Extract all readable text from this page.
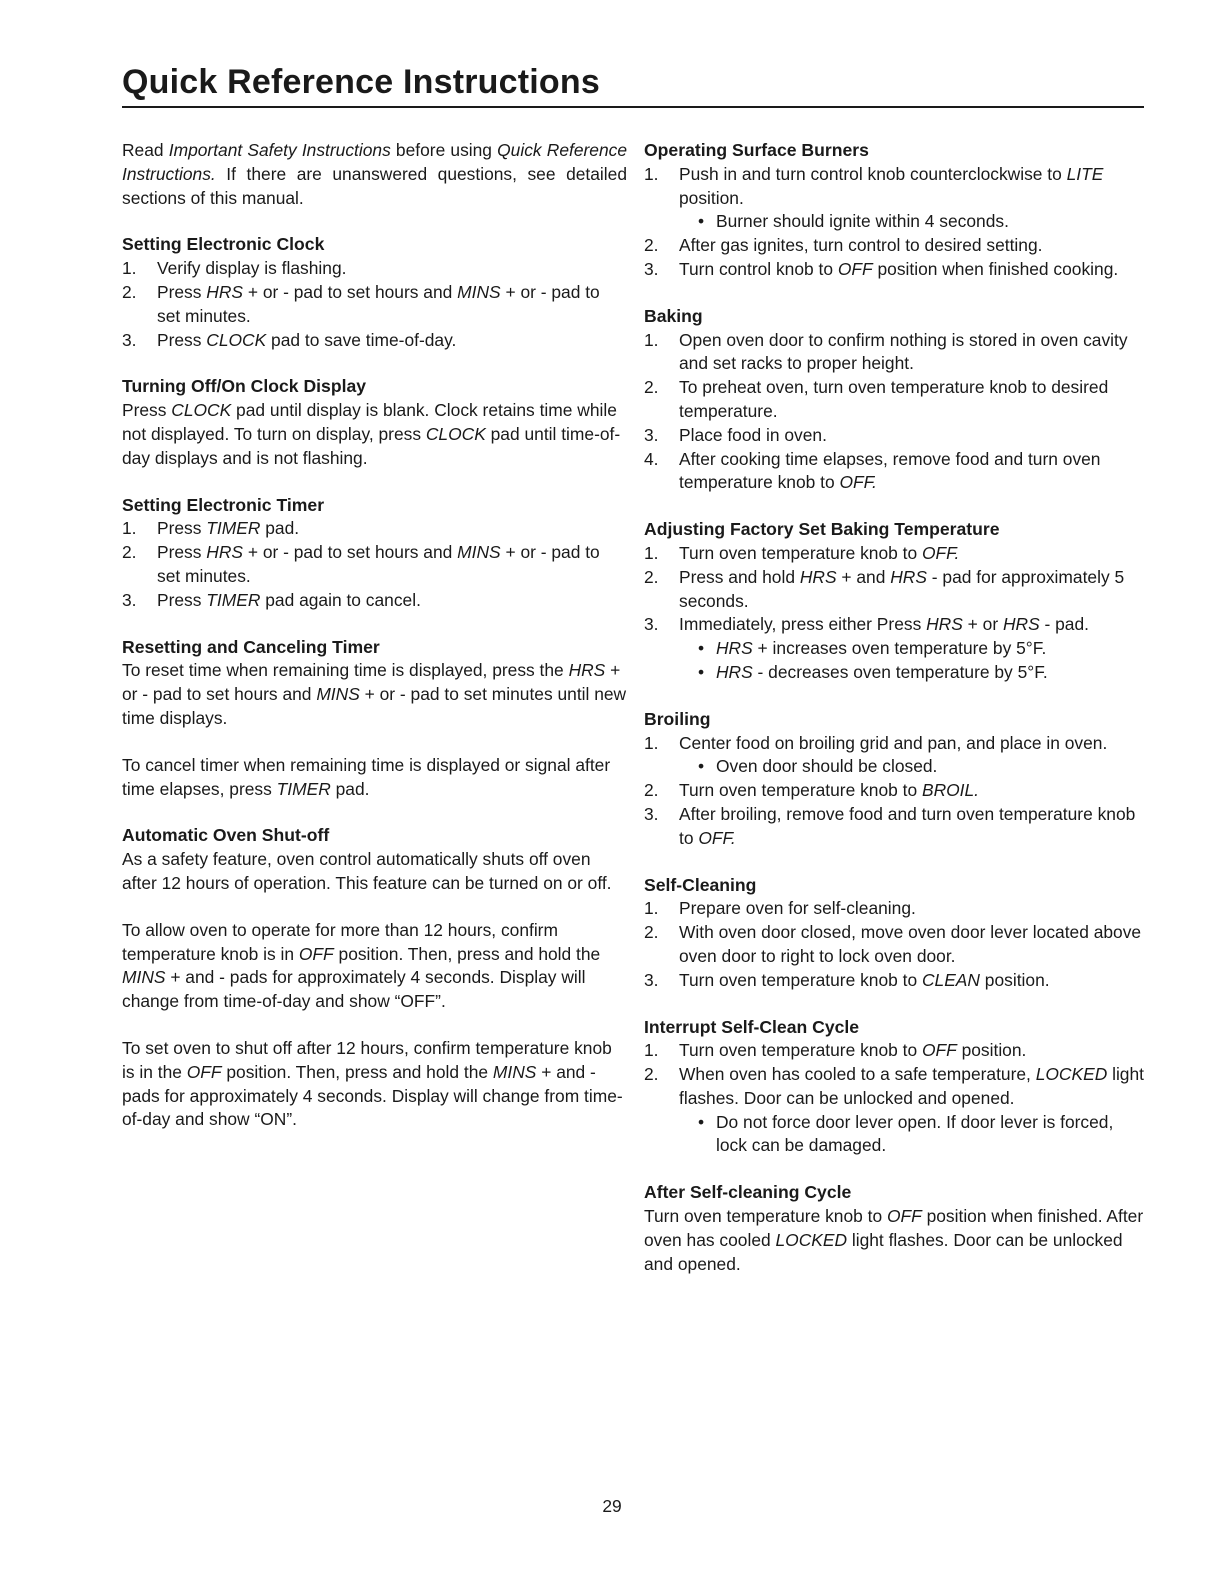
Quick Reference Instructions

Read Important Safety Instructions before using Quick Reference Instructions. If there are unanswered questions, see detailed sections of this manual.

Setting Electronic Clock
1.	Verify display is flashing.
2.	Press HRS + or - pad to set hours and MINS + or - pad to set minutes.
3.	Press CLOCK pad to save time-of-day.
Turning Off/On Clock Display

Press CLOCK pad until display is blank. Clock retains time while not displayed. To turn on display, press CLOCK pad until time-of-day displays and is not flashing.

Setting Electronic Timer
1.	Press TIMER pad.
2.	Press HRS + or - pad to set hours and MINS + or - pad to set minutes.
3.	Press TIMER pad again to cancel.
Resetting and Canceling Timer

To reset time when remaining time is displayed, press the HRS + or - pad to set hours and MINS + or - pad to set minutes until new time displays.

To cancel timer when remaining time is displayed or signal after time elapses, press TIMER pad.

Automatic Oven Shut-off

As a safety feature, oven control automatically shuts off oven after 12 hours of operation. This feature can be turned on or off.

To allow oven to operate for more than 12 hours, confirm temperature knob is in OFF position. Then, press and hold the MINS + and - pads for approximately 4 seconds. Display will change from time-of-day and show “OFF”.

To set oven to shut off after 12 hours, confirm temperature knob is in the OFF position. Then, press and hold the MINS + and - pads for approximately 4 seconds. Display will change from time-of-day and show “ON”.

Operating Surface Burners
1.	Push in and turn control knob counterclockwise to LITE position.
• Burner should ignite within 4 seconds.
2.	After gas ignites, turn control to desired setting.
3.	Turn control knob to OFF position when finished cooking.
Baking
1.	Open oven door to confirm nothing is stored in oven cavity and set racks to proper height.
2.	To preheat oven, turn oven temperature knob to desired temperature.
3.	Place food in oven.
4.	After cooking time elapses, remove food and turn oven temperature knob to OFF.
Adjusting Factory Set Baking Temperature
1.	Turn oven temperature knob to OFF.
2.	Press and hold HRS + and HRS - pad for approximately 5 seconds.
3.	Immediately, press either Press HRS + or HRS - pad.
• HRS + increases oven temperature by 5°F.
• HRS - decreases oven temperature by 5°F.
Broiling
1.	Center food on broiling grid and pan, and place in oven.
• Oven door should be closed.
2.	Turn oven temperature knob to BROIL.
3.	After broiling, remove food and turn oven temperature knob to OFF.
Self-Cleaning
1.	Prepare oven for self-cleaning.
2.	With oven door closed, move oven door lever located above oven door to right to lock oven door.
3.	Turn oven temperature knob to CLEAN position.
Interrupt Self-Clean Cycle
1.	Turn oven temperature knob to OFF position.
2.	When oven has cooled to a safe temperature, LOCKED light flashes. Door can be unlocked and opened.
• Do not force door lever open. If door lever is forced, lock can be damaged.
After Self-cleaning Cycle

Turn oven temperature knob to OFF position when finished. After oven has cooled LOCKED light flashes. Door can be unlocked and opened.

29
